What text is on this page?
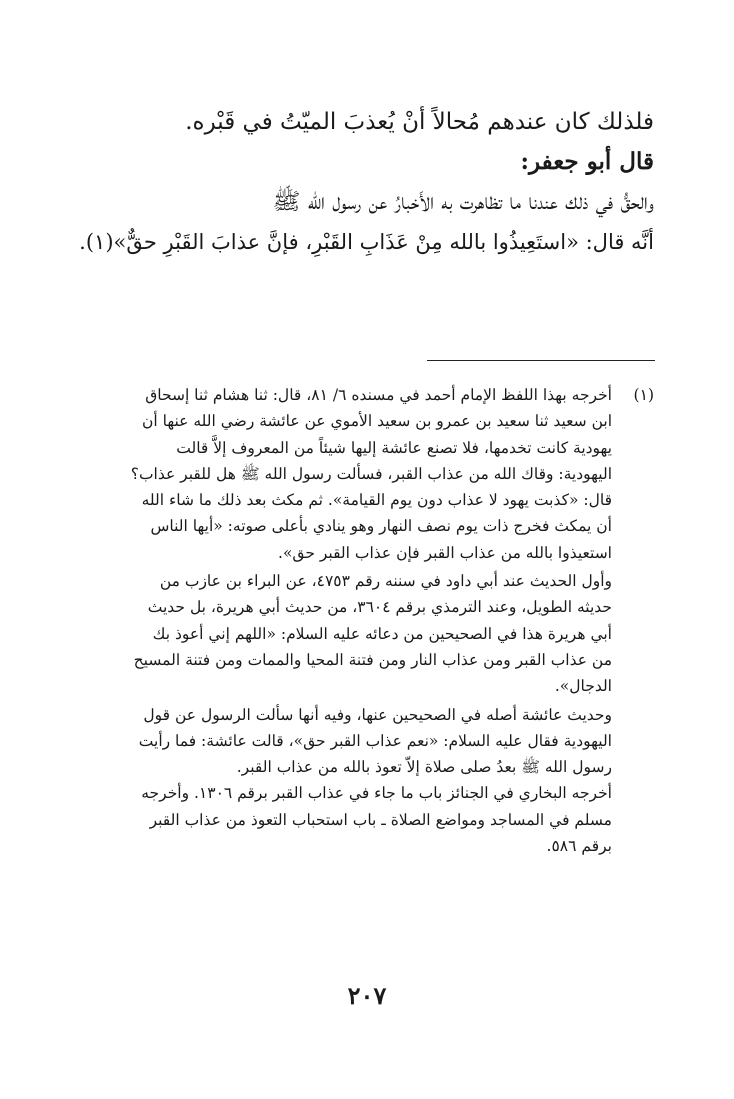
فلذلك كان عندهم مُحالاً أنْ يُعذبَ الميّتُ في قَبْره.
قال أبو جعفر:
والحقُّ في ذلك عندنا ما تظاهرت به الأَخبارُ عن رسول الله ﷺ
أنَّه قال: «استَعِيذُوا بالله مِنْ عَذَابِ القَبْرِ، فإنَّ عذابَ القَبْرِ حقٌّ»(١).
(١)
أخرجه بهذا اللفظ الإمام أحمد في مسنده ٦/ ٨١، قال: ثنا هشام ثنا إسحاق
ابن سعيد ثنا سعيد بن عمرو بن سعيد الأموي عن عائشة رضي الله عنها أن
يهودية كانت تخدمها، فلا تصنع عائشة إليها شيئاً من المعروف إلاَّ قالت
اليهودية: وقاك الله من عذاب القبر، فسألت رسول الله ﷺ هل للقبر عذاب؟
قال: «كذبت يهود لا عذاب دون يوم القيامة». ثم مكث بعد ذلك ما شاء الله
أن يمكث فخرج ذات يوم نصف النهار وهو ينادي بأعلى صوته: «أيها الناس
استعيذوا بالله من عذاب القبر فإن عذاب القبر حق».
وأول الحديث عند أبي داود في سننه رقم ٤٧٥٣، عن البراء بن عازب من
حديثه الطويل، وعند الترمذي برقم ٣٦٠٤، من حديث أبي هريرة، بل حديث
أبي هريرة هذا في الصحيحين من دعائه عليه السلام: «اللهم إني أعوذ بك
من عذاب القبر ومن عذاب النار ومن فتنة المحيا والممات ومن فتنة المسيح
الدجال».
وحديث عائشة أصله في الصحيحين عنها، وفيه أنها سألت الرسول عن قول
اليهودية فقال عليه السلام: «نعم عذاب القبر حق»، قالت عائشة: فما رأيت
رسول الله ﷺ بعدُ صلى صلاة إلاّ تعوذ بالله من عذاب القبر.
أخرجه البخاري في الجنائز باب ما جاء في عذاب القبر برقم ١٣٠٦. وأخرجه
مسلم في المساجد ومواضع الصلاة ـ باب استحباب التعوذ من عذاب القبر
برقم ٥٨٦.
٢٠٧
